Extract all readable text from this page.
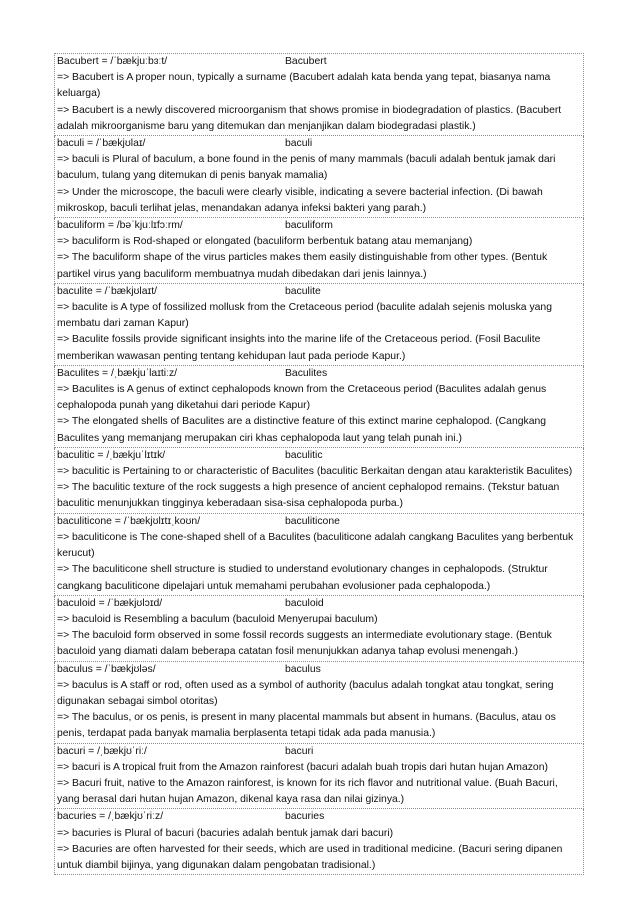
Bacubert = /ˈbækjuːbɜːt/	Bacubert
=> Bacubert is A proper noun, typically a surname (Bacubert adalah kata benda yang tepat, biasanya nama keluarga)
=> Bacubert is a newly discovered microorganism that shows promise in biodegradation of plastics. (Bacubert adalah mikroorganisme baru yang ditemukan dan menjanjikan dalam biodegradasi plastik.)
baculi = /ˈbækjʊlaɪ/	baculi
=> baculi is Plural of baculum, a bone found in the penis of many mammals (baculi adalah bentuk jamak dari baculum, tulang yang ditemukan di penis banyak mamalia)
=> Under the microscope, the baculi were clearly visible, indicating a severe bacterial infection. (Di bawah mikroskop, baculi terlihat jelas, menandakan adanya infeksi bakteri yang parah.)
baculiform = /bəˈkjuːlɪfɔːrm/	baculiform
=> baculiform is Rod-shaped or elongated (baculiform berbentuk batang atau memanjang)
=> The baculiform shape of the virus particles makes them easily distinguishable from other types. (Bentuk partikel virus yang baculiform membuatnya mudah dibedakan dari jenis lainnya.)
baculite = /ˈbækjʊlaɪt/	baculite
=> baculite is A type of fossilized mollusk from the Cretaceous period (baculite adalah sejenis moluska yang membatu dari zaman Kapur)
=> Baculite fossils provide significant insights into the marine life of the Cretaceous period. (Fosil Baculite memberikan wawasan penting tentang kehidupan laut pada periode Kapur.)
Baculites = /ˌbækjuˈlaɪtiːz/	Baculites
=> Baculites is A genus of extinct cephalopods known from the Cretaceous period (Baculites adalah genus cephalopoda punah yang diketahui dari periode Kapur)
=> The elongated shells of Baculites are a distinctive feature of this extinct marine cephalopod. (Cangkang Baculites yang memanjang merupakan ciri khas cephalopoda laut yang telah punah ini.)
baculitic = /ˌbækjuˈlɪtɪk/	baculitic
=> baculitic is Pertaining to or characteristic of Baculites (baculitic Berkaitan dengan atau karakteristik Baculites)
=> The baculitic texture of the rock suggests a high presence of ancient cephalopod remains. (Tekstur batuan baculitic menunjukkan tingginya keberadaan sisa-sisa cephalopoda purba.)
baculiticone = /ˈbækjʊlɪtɪˌkoʊn/	baculiticone
=> baculiticone is The cone-shaped shell of a Baculites (baculiticone adalah cangkang Baculites yang berbentuk kerucut)
=> The baculiticone shell structure is studied to understand evolutionary changes in cephalopods. (Struktur cangkang baculiticone dipelajari untuk memahami perubahan evolusioner pada cephalopoda.)
baculoid = /ˈbækjʊlɔɪd/	baculoid
=> baculoid is Resembling a baculum (baculoid Menyerupai baculum)
=> The baculoid form observed in some fossil records suggests an intermediate evolutionary stage. (Bentuk baculoid yang diamati dalam beberapa catatan fosil menunjukkan adanya tahap evolusi menengah.)
baculus = /ˈbækjʊləs/	baculus
=> baculus is A staff or rod, often used as a symbol of authority (baculus adalah tongkat atau tongkat, sering digunakan sebagai simbol otoritas)
=> The baculus, or os penis, is present in many placental mammals but absent in humans. (Baculus, atau os penis, terdapat pada banyak mamalia berplasenta tetapi tidak ada pada manusia.)
bacuri = /ˌbækjʊˈriː/	bacuri
=> bacuri is A tropical fruit from the Amazon rainforest (bacuri adalah buah tropis dari hutan hujan Amazon)
=> Bacuri fruit, native to the Amazon rainforest, is known for its rich flavor and nutritional value. (Buah Bacuri, yang berasal dari hutan hujan Amazon, dikenal kaya rasa dan nilai gizinya.)
bacuries = /ˌbækjʊˈriːz/	bacuries
=> bacuries is Plural of bacuri (bacuries adalah bentuk jamak dari bacuri)
=> Bacuries are often harvested for their seeds, which are used in traditional medicine. (Bacuri sering dipanen untuk diambil bijinya, yang digunakan dalam pengobatan tradisional.)
